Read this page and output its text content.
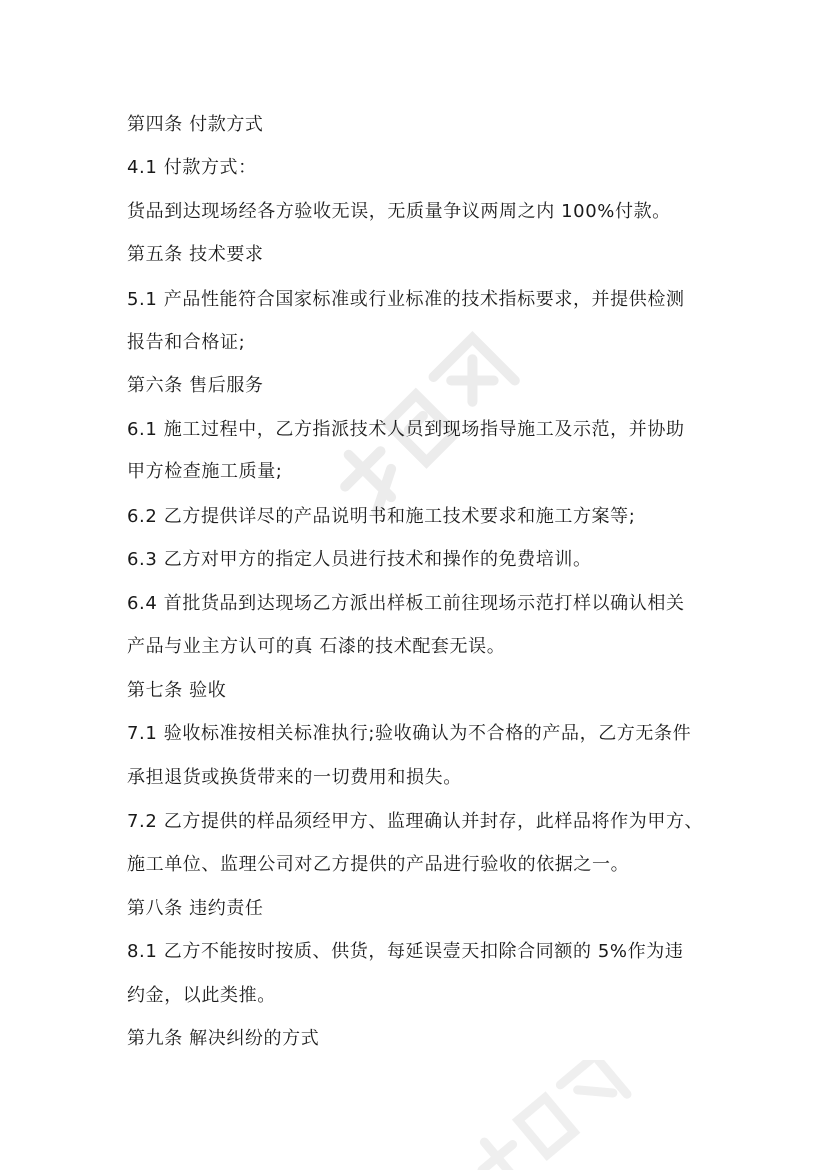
第四条 付款方式
4.1 付款方式：
货品到达现场经各方验收无误，无质量争议两周之内 100%付款。
第五条 技术要求
5.1 产品性能符合国家标准或行业标准的技术指标要求，并提供检测
报告和合格证;
第六条 售后服务
6.1 施工过程中，乙方指派技术人员到现场指导施工及示范，并协助
甲方检查施工质量;
6.2 乙方提供详尽的产品说明书和施工技术要求和施工方案等;
6.3 乙方对甲方的指定人员进行技术和操作的免费培训。
6.4 首批货品到达现场乙方派出样板工前往现场示范打样以确认相关
产品与业主方认可的真 石漆的技术配套无误。
第七条 验收
7.1 验收标准按相关标准执行;验收确认为不合格的产品，乙方无条件
承担退货或换货带来的一切费用和损失。
7.2 乙方提供的样品须经甲方、监理确认并封存，此样品将作为甲方、
施工单位、监理公司对乙方提供的产品进行验收的依据之一。
第八条 违约责任
8.1 乙方不能按时按质、供货，每延误壹天扣除合同额的 5%作为违
约金，以此类推。
第九条 解决纠纷的方式
